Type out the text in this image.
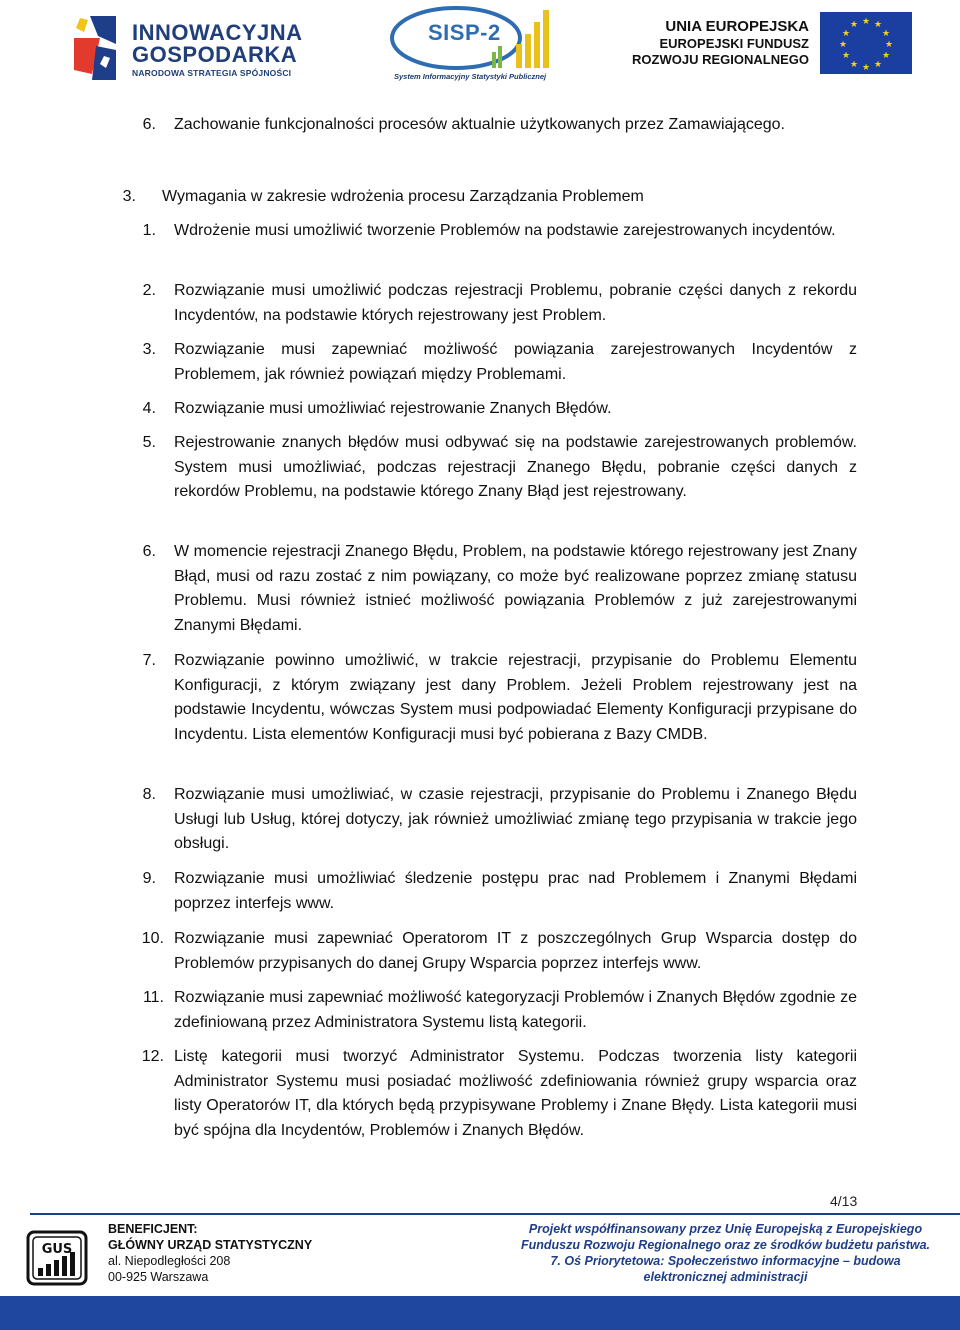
INNOWACYJNA
GOSPODARKA
NARODOWA STRATEGIA SPÓJNOŚCI
SISP-2
System Informacyjny Statystyki Publicznej
UNIA EUROPEJSKA
EUROPEJSKI FUNDUSZ
ROZWOJU REGIONALNEGO
★ ★
★
★
★
★
★
★
★
★
★
★
6. Zachowanie funkcjonalności procesów aktualnie użytkowanych przez Zamawiającego.
3. Wymagania w zakresie wdrożenia procesu Zarządzania Problemem
1. Wdrożenie musi umożliwić tworzenie Problemów na podstawie zarejestrowanych incydentów.
2. Rozwiązanie musi umożliwić podczas rejestracji Problemu, pobranie części danych z rekordu Incydentów, na podstawie których rejestrowany jest Problem.
3. Rozwiązanie musi zapewniać możliwość powiązania zarejestrowanych Incydentów z Problemem, jak również powiązań między Problemami.
4. Rozwiązanie musi umożliwiać rejestrowanie Znanych Błędów.
5. Rejestrowanie znanych błędów musi odbywać się na podstawie zarejestrowanych problemów. System musi umożliwiać, podczas rejestracji Znanego Błędu, pobranie części danych z rekordów Problemu, na podstawie którego Znany Błąd jest rejestrowany.
6. W momencie rejestracji Znanego Błędu, Problem, na podstawie którego rejestrowany jest Znany Błąd, musi od razu zostać z nim powiązany, co może być realizowane poprzez zmianę statusu Problemu. Musi również istnieć możliwość powiązania Problemów z już zarejestrowanymi Znanymi Błędami.
7. Rozwiązanie powinno umożliwić, w trakcie rejestracji, przypisanie do Problemu Elementu Konfiguracji, z którym związany jest dany Problem. Jeżeli Problem rejestrowany jest na podstawie Incydentu, wówczas System musi podpowiadać Elementy Konfiguracji przypisane do Incydentu. Lista elementów Konfiguracji musi być pobierana z Bazy CMDB.
8. Rozwiązanie musi umożliwiać, w czasie rejestracji, przypisanie do Problemu i Znanego Błędu Usługi lub Usług, której dotyczy, jak również umożliwiać zmianę tego przypisania w trakcie jego obsługi.
9. Rozwiązanie musi umożliwiać śledzenie postępu prac nad Problemem i Znanymi Błędami poprzez interfejs www.
10. Rozwiązanie musi zapewniać Operatorom IT z poszczególnych Grup Wsparcia dostęp do Problemów przypisanych do danej Grupy Wsparcia poprzez interfejs www.
11. Rozwiązanie musi zapewniać możliwość kategoryzacji Problemów i Znanych Błędów zgodnie ze zdefiniowaną przez Administratora Systemu listą kategorii.
12. Listę kategorii musi tworzyć Administrator Systemu. Podczas tworzenia listy kategorii Administrator Systemu musi posiadać możliwość zdefiniowania również grupy wsparcia oraz listy Operatorów IT, dla których będą przypisywane Problemy i Znane Błędy. Lista kategorii musi być spójna dla Incydentów, Problemów i Znanych Błędów.
4/13
GUS
BENEFICJENT:
GŁÓWNY URZĄD STATYSTYCZNY
al. Niepodległości 208
00-925 Warszawa
Projekt współfinansowany przez Unię Europejską z Europejskiego
Funduszu Rozwoju Regionalnego oraz ze środków budżetu państwa.
7. Oś Priorytetowa: Społeczeństwo informacyjne – budowa
elektronicznej administracji
